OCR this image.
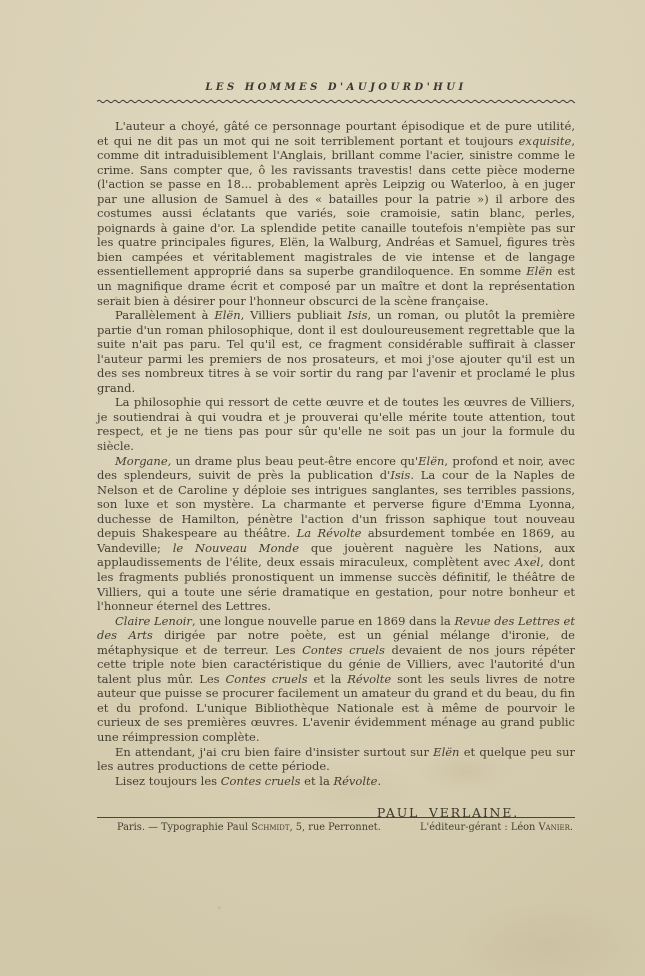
LES HOMMES D'AUJOURD'HUI

L'auteur a choyé, gâté ce personnage pourtant épisodique et de pure utilité, et qui ne dit pas un mot qui ne soit terriblement portant et toujours exquisite, comme dit intraduisiblement l'Anglais, brillant comme l'acier, sinistre comme le crime. Sans compter que, ô les ravissants travestis! dans cette pièce moderne (l'action se passe en 18... probablement après Leipzig ou Waterloo, à en juger par une allusion de Samuel à des « batailles pour la patrie ») il arbore des costumes aussi éclatants que variés, soie cramoisie, satin blanc, perles, poignards à gaine d'or. La splendide petite canaille toutefois n'empiète pas sur les quatre principales figures, Elën, la Walburg, Andréas et Samuel, figures très bien campées et véritablement magistrales de vie intense et de langage essentiellement approprié dans sa superbe grandiloquence. En somme Elën est un magnifique drame écrit et composé par un maître et dont la représentation serait bien à désirer pour l'honneur obscurci de la scène française.

Parallèlement à Elën, Villiers publiait Isis, un roman, ou plutôt la première partie d'un roman philosophique, dont il est douloureusement regrettable que la suite n'ait pas paru. Tel qu'il est, ce fragment considérable suffirait à classer l'auteur parmi les premiers de nos prosateurs, et moi j'ose ajouter qu'il est un des ses nombreux titres à se voir sortir du rang par l'avenir et proclamé le plus grand.

La philosophie qui ressort de cette œuvre et de toutes les œuvres de Villiers, je soutiendrai à qui voudra et je prouverai qu'elle mérite toute attention, tout respect, et je ne tiens pas pour sûr qu'elle ne soit pas un jour la formule du siècle.

Morgane, un drame plus beau peut-être encore qu'Elën, profond et noir, avec des splendeurs, suivit de près la publication d'Isis. La cour de la Naples de Nelson et de Caroline y déploie ses intrigues sanglantes, ses terribles passions, son luxe et son mystère. La charmante et perverse figure d'Emma Lyonna, duchesse de Hamilton, pénètre l'action d'un frisson saphique tout nouveau depuis Shakespeare au théâtre. La Révolte absurdement tombée en 1869, au Vandeville; le Nouveau Monde que jouèrent naguère les Nations, aux applaudissements de l'élite, deux essais miraculeux, complètent avec Axel, dont les fragments publiés pronostiquent un immense succès définitif, le théâtre de Villiers, qui a toute une série dramatique en gestation, pour notre bonheur et l'honneur éternel des Lettres.

Claire Lenoir, une longue nouvelle parue en 1869 dans la Revue des Lettres et des Arts dirigée par notre poète, est un génial mélange d'ironie, de métaphysique et de terreur. Les Contes cruels devaient de nos jours répéter cette triple note bien caractéristique du génie de Villiers, avec l'autorité d'un talent plus mûr. Les Contes cruels et la Révolte sont les seuls livres de notre auteur que puisse se procurer facilement un amateur du grand et du beau, du fin et du profond. L'unique Bibliothèque Nationale est à même de pourvoir le curieux de ses premières œuvres. L'avenir évidemment ménage au grand public une réimpression complète.

En attendant, j'ai cru bien faire d'insister surtout sur Elën et quelque peu sur les autres productions de cette période.

Lisez toujours les Contes cruels et la Révolte.

PAUL VERLAINE.
Paris. — Typographie Paul Schmidt, 5, rue Perronnet.	L'éditeur-gérant : Léon Vanier.
